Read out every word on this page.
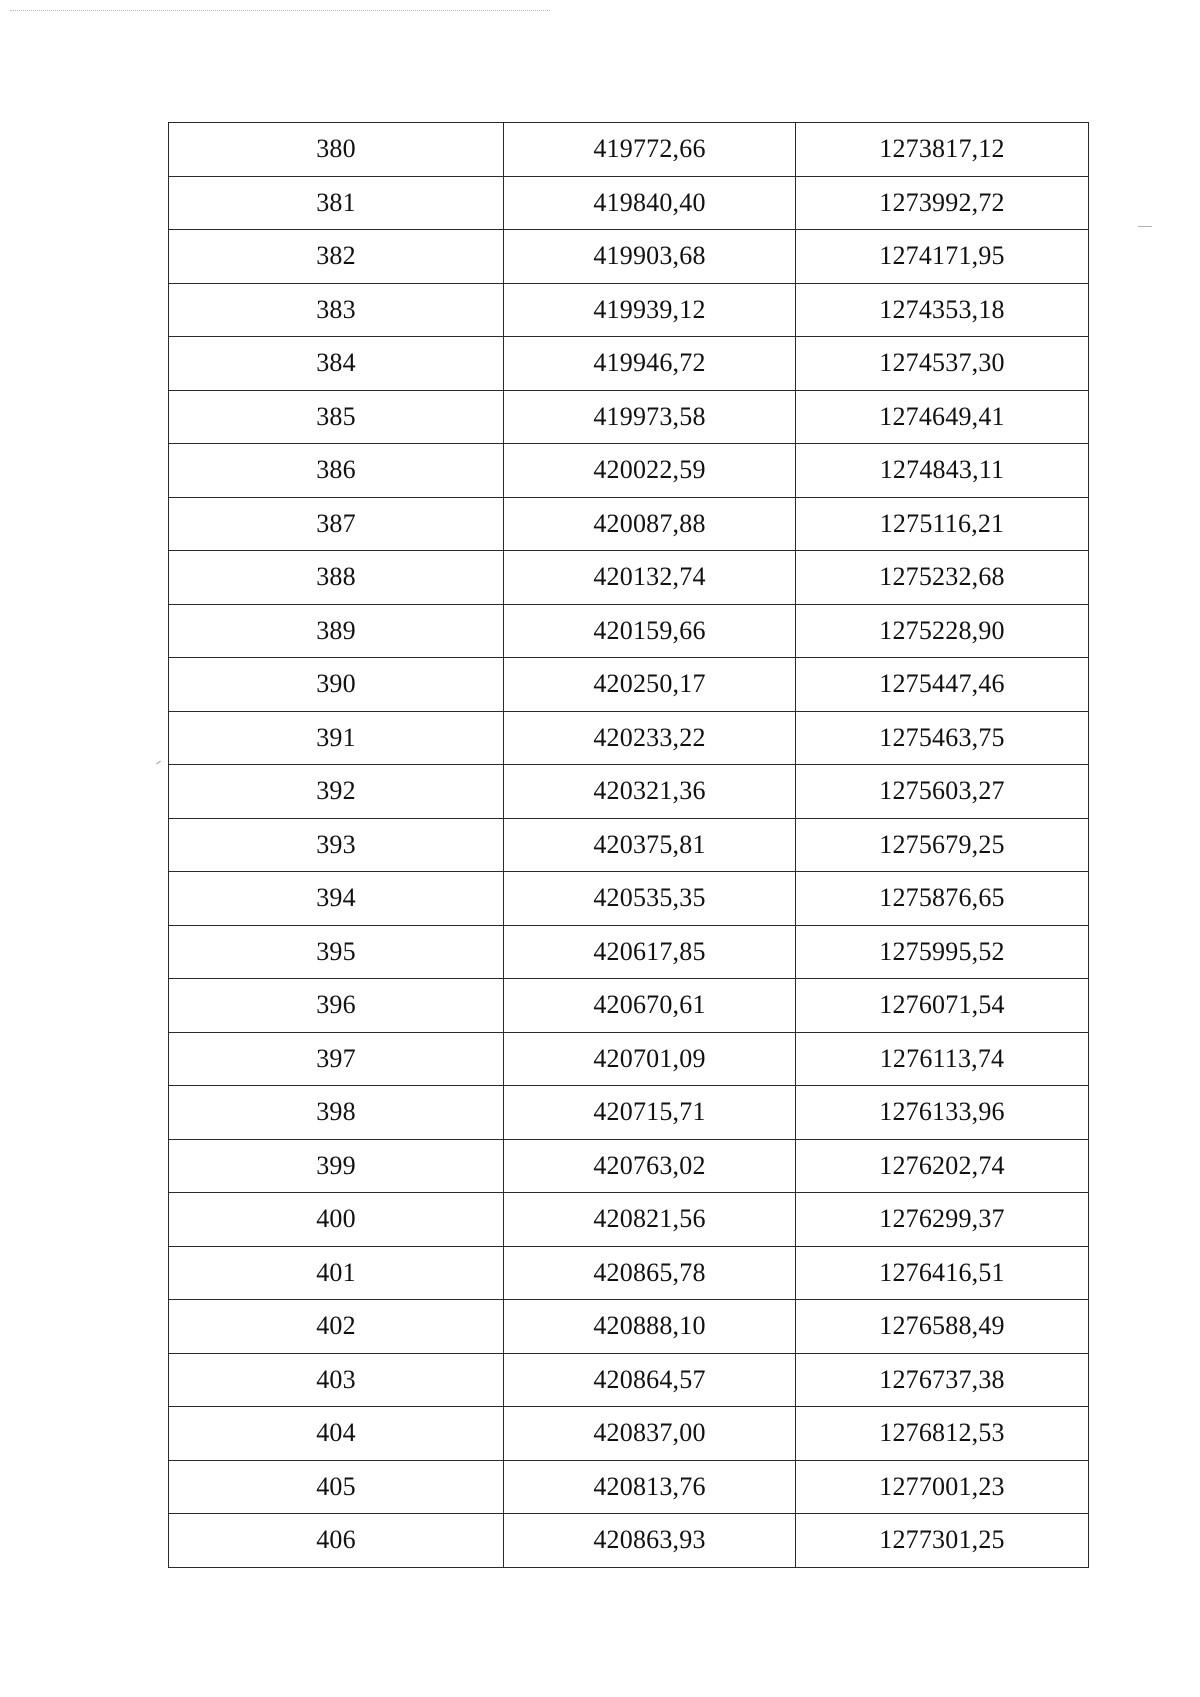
380	419772,66	1273817,12
381	419840,40	1273992,72
382	419903,68	1274171,95
383	419939,12	1274353,18
384	419946,72	1274537,30
385	419973,58	1274649,41
386	420022,59	1274843,11
387	420087,88	1275116,21
388	420132,74	1275232,68
389	420159,66	1275228,90
390	420250,17	1275447,46
391	420233,22	1275463,75
392	420321,36	1275603,27
393	420375,81	1275679,25
394	420535,35	1275876,65
395	420617,85	1275995,52
396	420670,61	1276071,54
397	420701,09	1276113,74
398	420715,71	1276133,96
399	420763,02	1276202,74
400	420821,56	1276299,37
401	420865,78	1276416,51
402	420888,10	1276588,49
403	420864,57	1276737,38
404	420837,00	1276812,53
405	420813,76	1277001,23
406	420863,93	1277301,25
